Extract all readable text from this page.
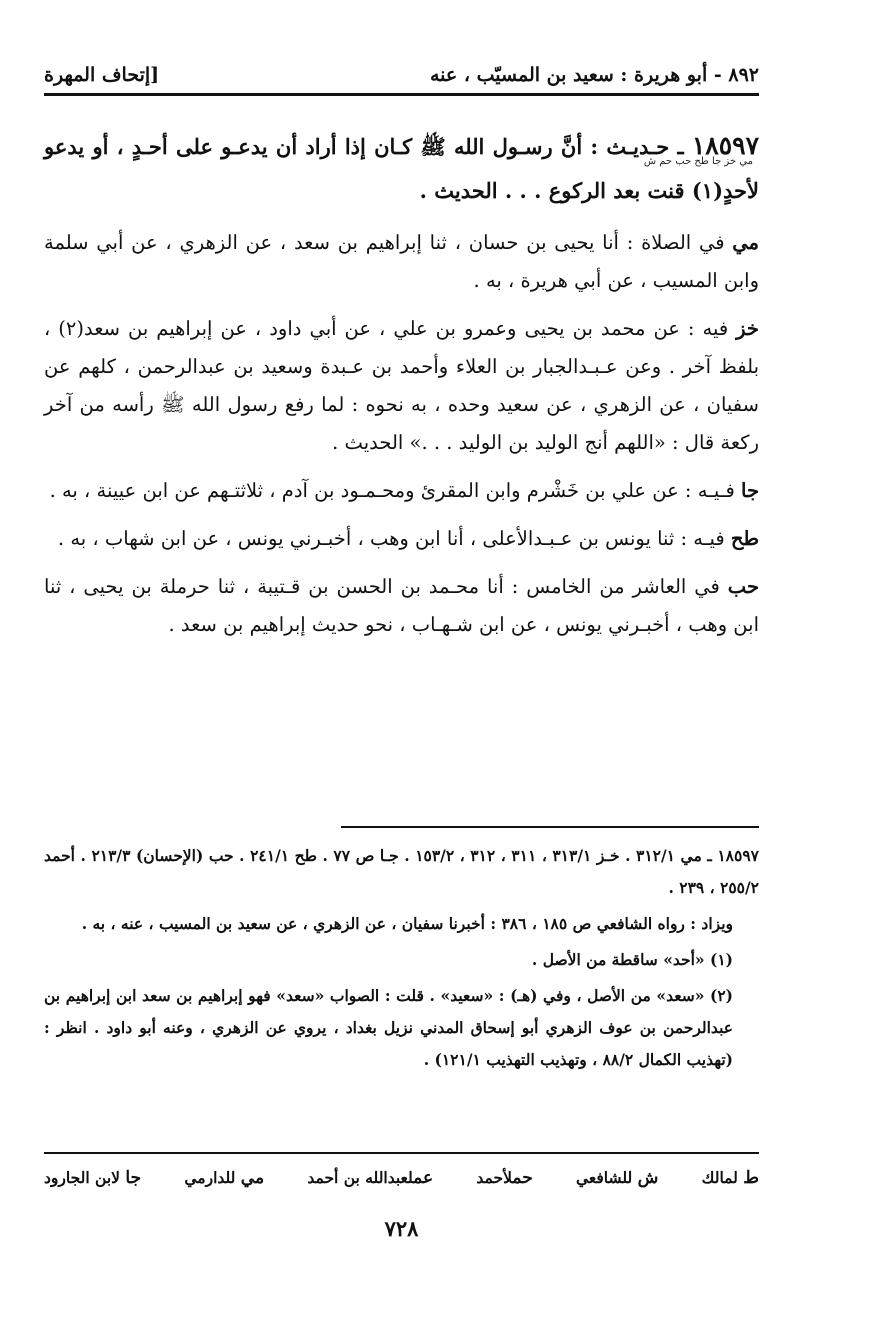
٨٩٢ - أبو هريرة : سعيد بن المسيّب ، عنه
[إتحاف المهرة
١٨٥٩٧ ـ حـديـث : أنَّ رسـول الله ﷺ كـان إذا أراد أن يدعـو على أحـدٍ ، أو يدعو لأحدٍ(١) قنت بعد الركوع . . . الحديث .
مي خز جا طح حب حم ش

مي في الصلاة : أنا يحيى بن حسان ، ثنا إبراهيم بن سعد ، عن الزهري ، عن أبي سلمة وابن المسيب ، عن أبي هريرة ، به .

خز فيه : عن محمد بن يحيى وعمرو بن علي ، عن أبي داود ، عن إبراهيم بن سعد(٢) ، بلفظ آخر . وعن عـبـدالجبار بن العلاء وأحمد بن عـبدة وسعيد بن عبدالرحمن ، كلهم عن سفيان ، عن الزهري ، عن سعيد وحده ، به نحوه : لما رفع رسول الله ﷺ رأسه من آخر ركعة قال : «اللهم أنج الوليد بن الوليد . . .» الحديث .

جا فـيـه : عن علي بن خَشْرم وابن المقرئ ومحـمـود بن آدم ، ثلاثتـهم عن ابن عيينة ، به .

طح فيـه : ثنا يونس بن عـبـدالأعلى ، أنا ابن وهب ، أخبـرني يونس ، عن ابن شهاب ، به .

حب في العاشر من الخامس : أنا محـمد بن الحسن بن قـتيبة ، ثنا حرملة بن يحيى ، ثنا ابن وهب ، أخبـرني يونس ، عن ابن شـهـاب ، نحو حديث إبراهيم بن سعد .

١٨٥٩٧ ـ مي ٣١٢/١ . خـز ٣١٣/١ ، ٣١١ ، ٣١٢ ، ١٥٣/٢ . جـا ص ٧٧ . طح ٢٤١/١ . حب (الإحسان) ٢١٣/٣ . أحمد ٢٥٥/٢ ، ٢٣٩ .

ويزاد : رواه الشافعي ص ١٨٥ ، ٣٨٦ : أخبرنا سفيان ، عن الزهري ، عن سعيد بن المسيب ، عنه ، به .

(١) «أحد» ساقطة من الأصل .

(٢) «سعد» من الأصل ، وفي (هـ) : «سعيد» . قلت : الصواب «سعد» فهو إبراهيم بن سعد ابن إبراهيم بن عبدالرحمن بن عوف الزهري أبو إسحاق المدني نزيل بغداد ، يروي عن الزهري ، وعنه أبو داود . انظر : (تهذيب الكمال ٨٨/٢ ، وتهذيب التهذيب ١٢١/١) .

ط لمالك
ش للشافعي
حملأحمد
عملعبدالله بن أحمد
مي للدارمي
جا لابن الجارود
٧٢٨
